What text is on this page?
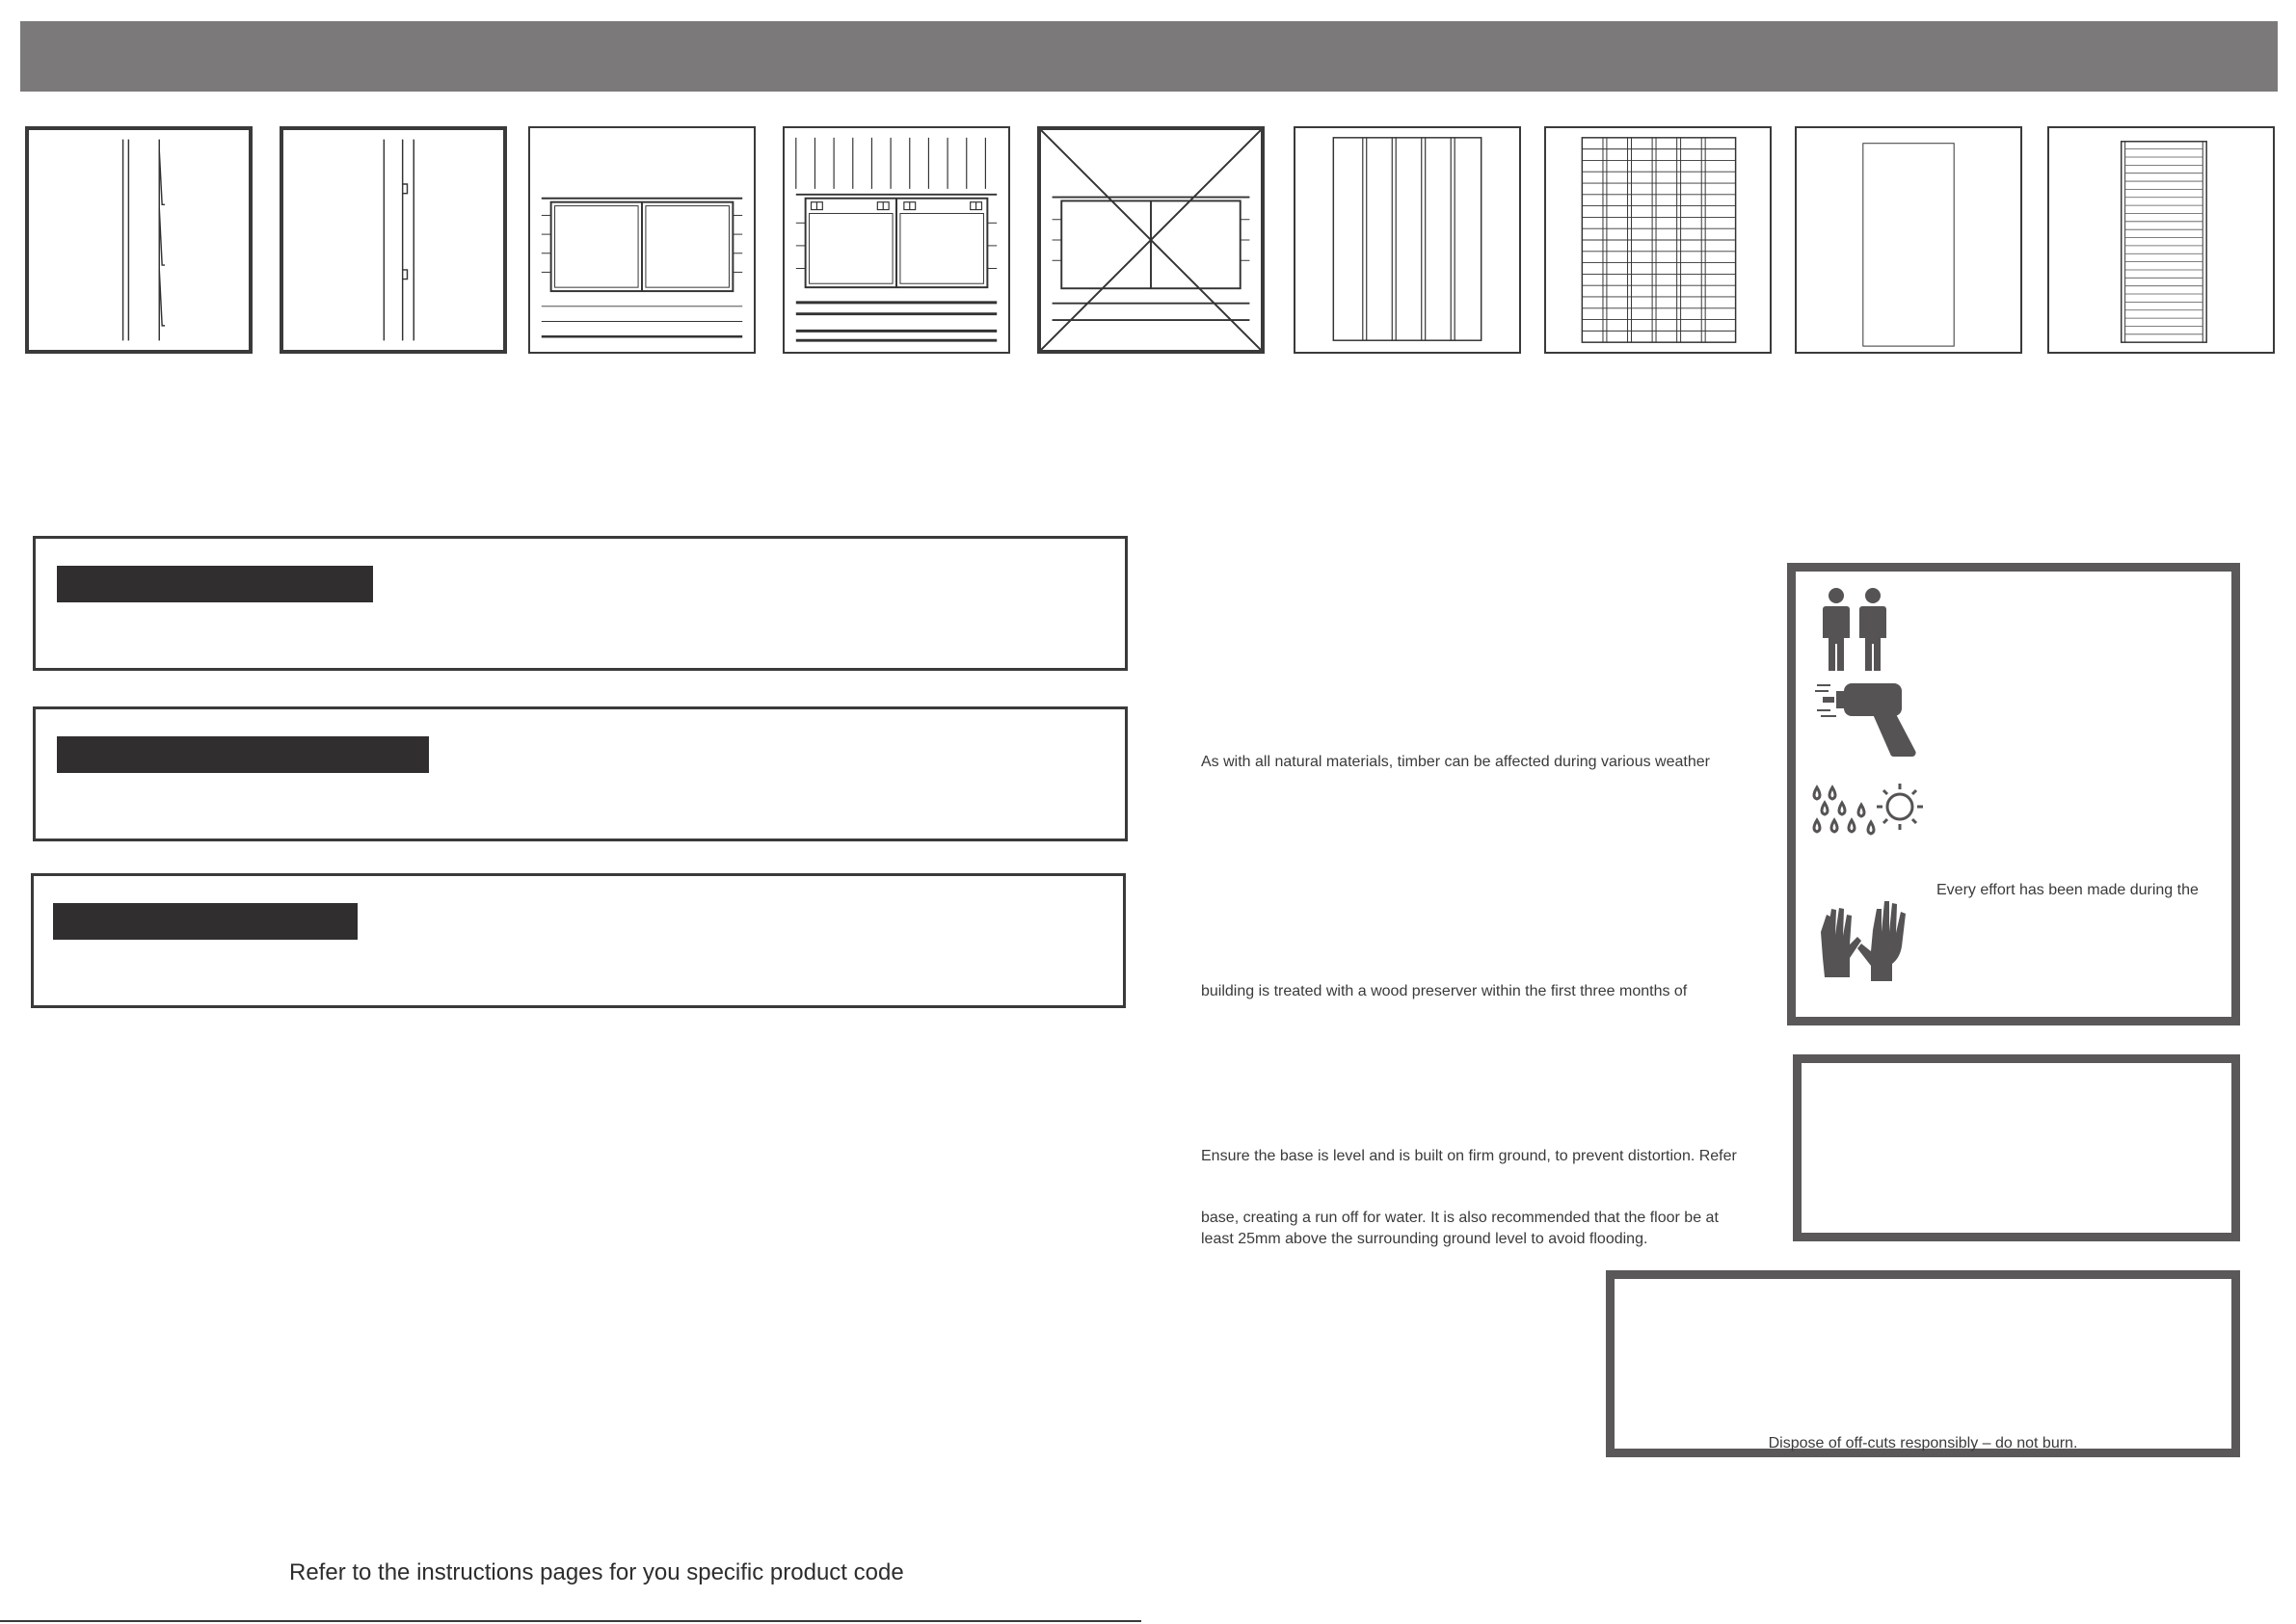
As with all natural materials, timber can be affected during various weather
building is treated with a wood preserver within the first three months of
Ensure the base is level and is built on firm ground, to prevent distortion. Refer
base, creating a run off for water. It is also recommended that the floor be at
least 25mm above the surrounding ground level to avoid flooding.
Every effort has been made during the
Dispose of off-cuts responsibly – do not burn.
Refer to the instructions pages for you specific product code
